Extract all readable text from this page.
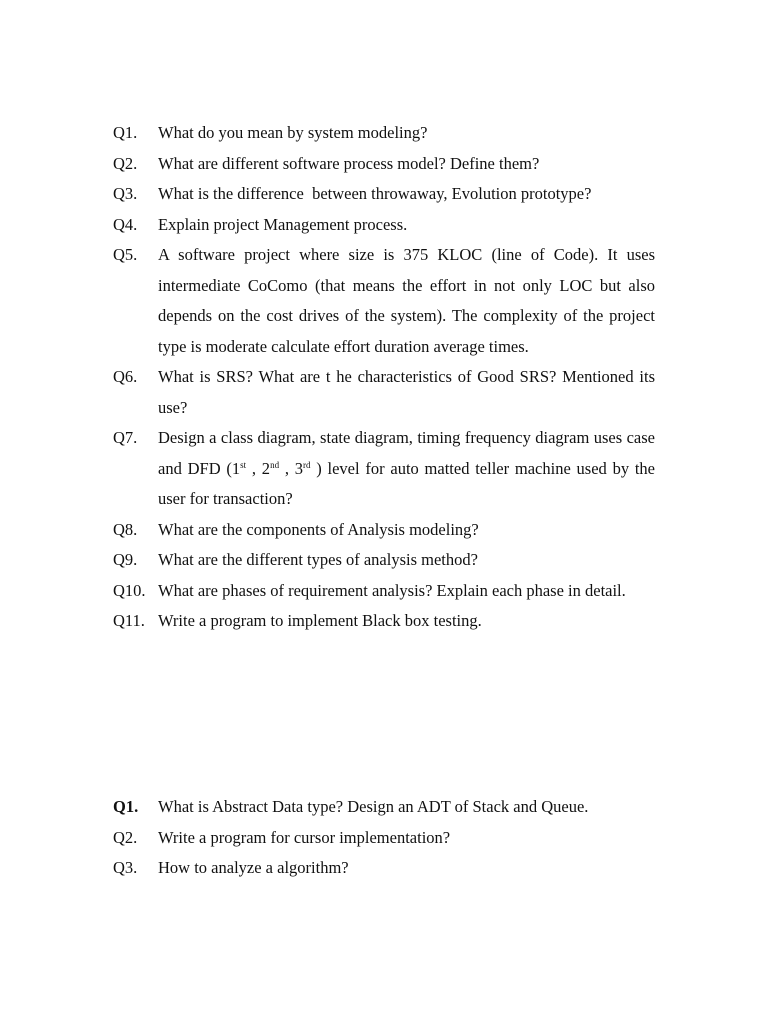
Q1.	What do you mean by system modeling?
Q2.	What are different software process model? Define them?
Q3.	What is the difference  between throwaway, Evolution prototype?
Q4.	Explain project Management process.
Q5.	A software project where size is 375 KLOC (line of Code). It uses intermediate CoComo (that means the effort in not only LOC but also depends on the cost drives of the system). The complexity of the project type is moderate calculate effort duration average times.
Q6.	What is SRS? What are t he characteristics of Good SRS? Mentioned its use?
Q7.	Design a class diagram, state diagram, timing frequency diagram uses case and DFD (1st , 2nd , 3rd ) level for auto matted teller machine used by the user for transaction?
Q8.	What are the components of Analysis modeling?
Q9.	What are the different types of analysis method?
Q10. What are phases of requirement analysis? Explain each phase in detail.
Q11. Write a program to implement Black box testing.
Q1.	What is Abstract Data type? Design an ADT of Stack and Queue.
Q2.	Write a program for cursor implementation?
Q3.	How to analyze a algorithm?
